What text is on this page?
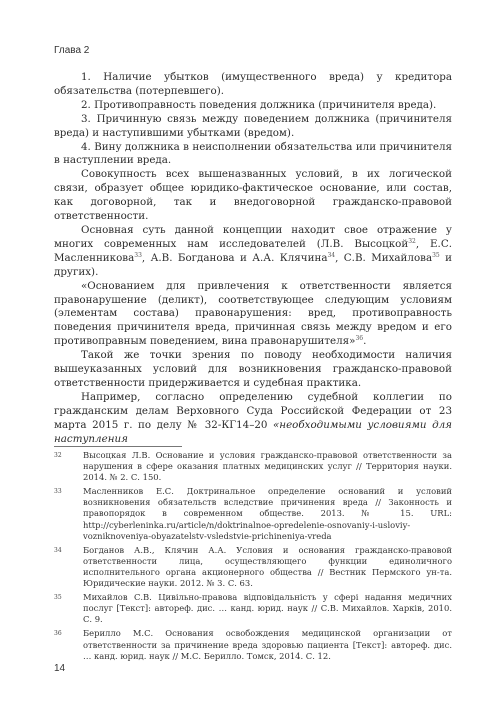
Глава 2

1. Наличие убытков (имущественного вреда) у кредитора обязательства (потерпевшего).

2. Противоправность поведения должника (причинителя вреда).

3. Причинную связь между поведением должника (причинителя вреда) и наступившими убытками (вредом).

4. Вину должника в неисполнении обязательства или причинителя в наступлении вреда.

Совокупность всех вышеназванных условий, в их логической связи, образует общее юридико-фактическое основание, или состав, как договорной, так и внедоговорной гражданско-правовой ответственности.

Основная суть данной концепции находит свое отражение у многих современных нам исследователей (Л.В. Высоцкой$^{32}$, Е.С. Масленникова$^{33}$, А.В. Богданова и А.А. Клячина$^{34}$, С.В. Михайлова$^{35}$ и других).

«Основанием для привлечения к ответственности является правонарушение (деликт), соответствующее следующим условиям (элементам состава) правонарушения: вред, противоправность поведения причинителя вреда, причинная связь между вредом и его противоправным поведением, вина правонарушителя»$^{36}$.

Такой же точки зрения по поводу необходимости наличия вышеуказанных условий для возникновения гражданско-правовой ответственности придерживается и судебная практика.

Например, согласно определению судебной коллегии по гражданским делам Верховного Суда Российской Федерации от 23 марта 2015 г. по делу № 32-КГ14–20 «необходимыми условиями для наступления

32	Высоцкая Л.В. Основание и условия гражданско-правовой ответственности за нарушения в сфере оказания платных медицинских услуг // Территория науки. 2014. № 2. С. 150.
33	Масленников Е.С. Доктринальное определение оснований и условий возникновения обязательств вследствие причинения вреда // Законность и правопорядок в современном обществе. 2013. № 15. URL: http://cyberleninka.ru/article/n/doktrinalnoe-opredelenie-osnovaniy-i-usloviy-vozniknoveniya-obyazatelstv-vsledstvie-prichineniya-vreda
34	Богданов А.В., Клячин А.А. Условия и основания гражданско-правовой ответственности лица, осуществляющего функции единоличного исполнительного органа акционерного общества // Вестник Пермского ун-та. Юридические науки. 2012. № 3. С. 63.
35	Михайлов С.В. Цивільно-правова відповідальність у сфері надання медичних послуг [Текст]: автореф. дис. … канд. юрид. наук // С.В. Михайлов. Харків, 2010. С. 9.
36	Берилло М.С. Основания освобождения медицинской организации от ответственности за причинение вреда здоровью пациента [Текст]: автореф. дис. … канд. юрид. наук // М.С. Берилло. Томск, 2014. С. 12.
14
